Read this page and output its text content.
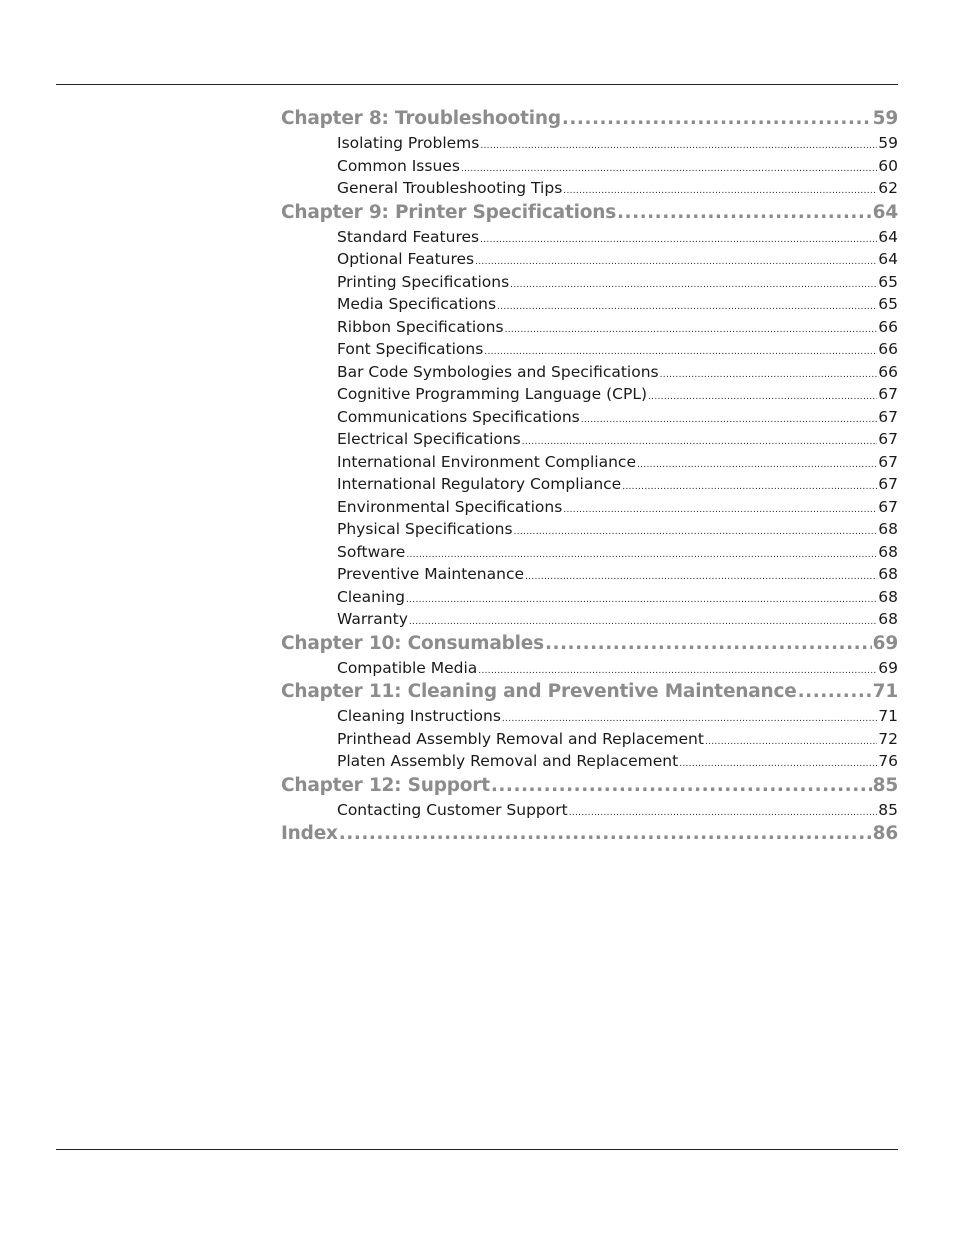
Chapter 8: Troubleshooting .....	59
Isolating Problems .....	59
Common Issues .....	60
General Troubleshooting Tips .....	62
Chapter 9: Printer Specifications .....	64
Standard Features .....	64
Optional Features .....	64
Printing Specifications .....	65
Media Specifications .....	65
Ribbon Specifications .....	66
Font Specifications .....	66
Bar Code Symbologies and Specifications .....	66
Cognitive Programming Language (CPL) .....	67
Communications Specifications .....	67
Electrical Specifications .....	67
International Environment Compliance .....	67
International Regulatory Compliance .....	67
Environmental Specifications .....	67
Physical Specifications .....	68
Software .....	68
Preventive Maintenance .....	68
Cleaning .....	68
Warranty .....	68
Chapter 10: Consumables .....	69
Compatible Media .....	69
Chapter 11: Cleaning and Preventive Maintenance .....	71
Cleaning Instructions .....	71
Printhead Assembly Removal and Replacement .....	72
Platen Assembly Removal and Replacement .....	76
Chapter 12: Support .....	85
Contacting Customer Support .....	85
Index .....	86
